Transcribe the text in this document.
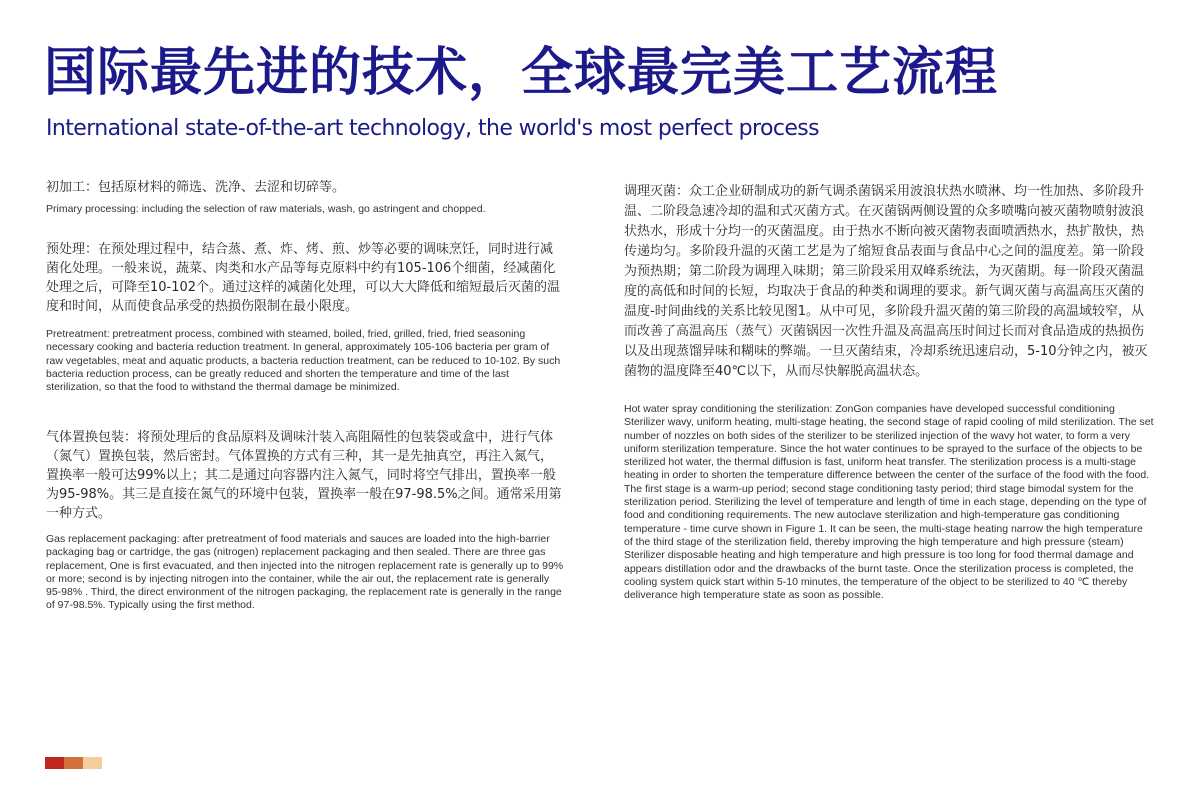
国际最先进的技术，全球最完美工艺流程
International state-of-the-art technology, the world's most perfect process

初加工：包括原材料的筛选、洗净、去涩和切碎等。

Primary processing: including the selection of raw materials, wash, go astringent and chopped.

预处理：在预处理过程中，结合蒸、煮、炸、烤、煎、炒等必要的调味烹饪，同时进行减菌化处理。一般来说，蔬菜、肉类和水产品等每克原料中约有105-106个细菌，经减菌化处理之后，可降至10-102个。通过这样的减菌化处理，可以大大降低和缩短最后灭菌的温度和时间，从而使食品承受的热损伤限制在最小限度。

Pretreatment: pretreatment process, combined with steamed, boiled, fried, grilled, fried, fried seasoning necessary cooking and bacteria reduction treatment. In general, approximately 105-106 bacteria per gram of raw vegetables, meat and aquatic products, a bacteria reduction treatment, can be reduced to 10-102. By such bacteria reduction process, can be greatly reduced and shorten the temperature and time of the last sterilization, so that the food to withstand the thermal damage be minimized.

气体置换包装：将预处理后的食品原料及调味汁装入高阻隔性的包装袋或盒中，进行气体（氮气）置换包装，然后密封。气体置换的方式有三种，其一是先抽真空，再注入氮气，置换率一般可达99%以上；其二是通过向容器内注入氮气，同时将空气排出，置换率一般为95-98%。其三是直接在氮气的环境中包装，置换率一般在97-98.5%之间。通常采用第一种方式。

Gas replacement packaging: after pretreatment of food materials and sauces are loaded into the high-barrier packaging bag or cartridge, the gas (nitrogen) replacement packaging and then sealed. There are three gas replacement, One is first evacuated, and then injected into the nitrogen replacement rate is generally up to 99% or more; second is by injecting nitrogen into the container, while the air out, the replacement rate is generally 95-98% . Third, the direct environment of the nitrogen packaging, the replacement rate is generally in the range of 97-98.5%. Typically using the first method.

调理灭菌：众工企业研制成功的新气调杀菌锅采用波浪状热水喷淋、均一性加热、多阶段升温、二阶段急速冷却的温和式灭菌方式。在灭菌锅两侧设置的众多喷嘴向被灭菌物喷射波浪状热水，形成十分均一的灭菌温度。由于热水不断向被灭菌物表面喷洒热水，热扩散快，热传递均匀。多阶段升温的灭菌工艺是为了缩短食品表面与食品中心之间的温度差。第一阶段为预热期；第二阶段为调理入味期；第三阶段采用双峰系统法，为灭菌期。每一阶段灭菌温度的高低和时间的长短，均取决于食品的种类和调理的要求。新气调灭菌与高温高压灭菌的温度-时间曲线的关系比较见图1。从中可见，多阶段升温灭菌的第三阶段的高温域较窄，从而改善了高温高压（蒸气）灭菌锅因一次性升温及高温高压时间过长而对食品造成的热损伤以及出现蒸馏异味和糊味的弊端。一旦灭菌结束，冷却系统迅速启动，5-10分钟之内，被灭菌物的温度降至40℃以下，从而尽快解脱高温状态。

Hot water spray conditioning the sterilization: ZonGon companies have developed successful conditioning Sterilizer wavy, uniform heating, multi-stage heating, the second stage of rapid cooling of mild sterilization. The set number of nozzles on both sides of the sterilizer to be sterilized injection of the wavy hot water, to form a very uniform sterilization temperature. Since the hot water continues to be sprayed to the surface of the objects to be sterilized hot water, the thermal diffusion is fast, uniform heat transfer. The sterilization process is a multi-stage heating in order to shorten the temperature difference between the center of the surface of the food with the food. The first stage is a warm-up period; second stage conditioning tasty period; third stage bimodal system for the sterilization period. Sterilizing the level of temperature and length of time in each stage, depending on the type of food and conditioning requirements. The new autoclave sterilization and high-temperature gas conditioning temperature - time curve shown in Figure 1. It can be seen, the multi-stage heating narrow the high temperature of the third stage of the sterilization field, thereby improving the high temperature and high pressure (steam) Sterilizer disposable heating and high temperature and high pressure is too long for food thermal damage and appears distillation odor and the drawbacks of the burnt taste. Once the sterilization process is completed, the cooling system quick start within 5-10 minutes, the temperature of the object to be sterilized to 40 ℃ thereby deliverance high temperature state as soon as possible.
